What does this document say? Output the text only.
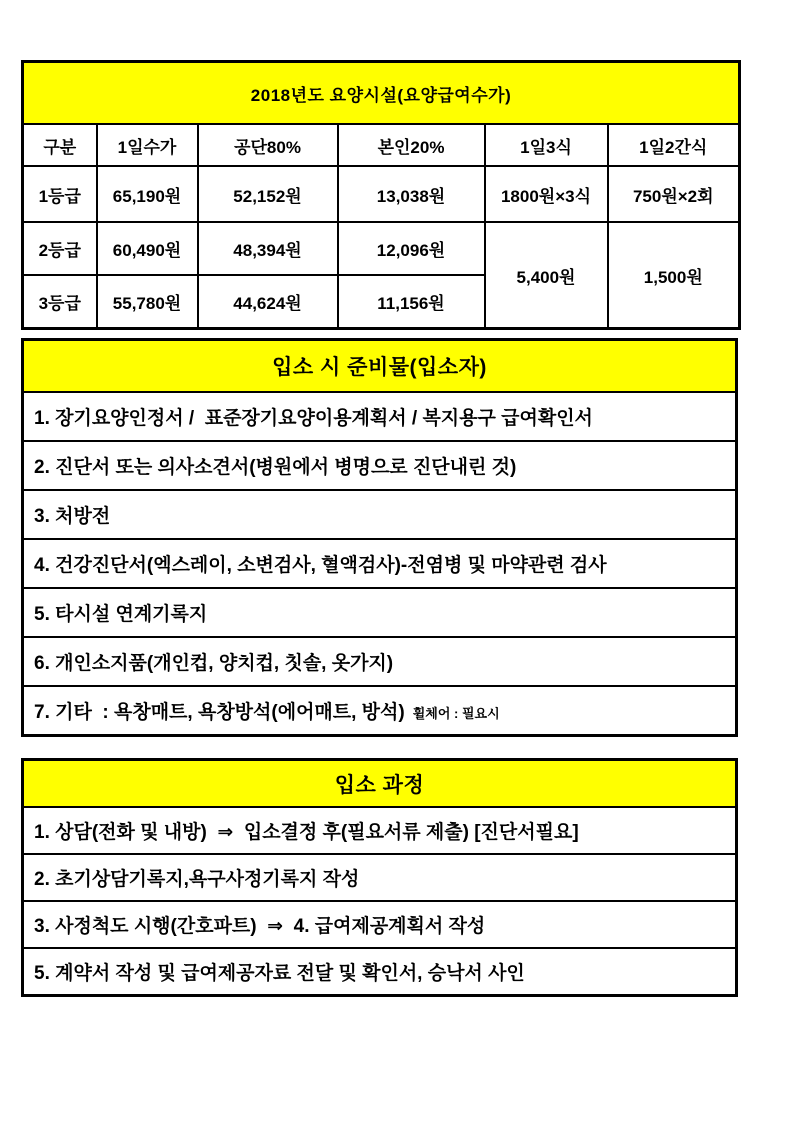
2018년도 요양시설(요양급여수가)					
구분	1일수가	공단80%	본인20%	1일3식	1일2간식
1등급	65,190원	52,152원	13,038원	1800원×3식	750원×2회
2등급	60,490원	48,394원	12,096원	5,400원	1,500원
3등급	55,780원	44,624원	11,156원		
입소 시 준비물(입소자)
1. 장기요양인정서 /  표준장기요양이용계획서 / 복지용구 급여확인서
2. 진단서 또는 의사소견서(병원에서 병명으로 진단내린 것)
3. 처방전
4. 건강진단서(엑스레이, 소변검사, 혈액검사)-전염병 및 마약관련 검사
5. 타시설 연계기록지
6. 개인소지품(개인컵, 양치컵, 칫솔, 옷가지)
7. 기타  : 욕창매트, 욕창방석(에어매트, 방석) 휠체어 : 필요시
입소 과정
1. 상담(전화 및 내방)  ⇒  입소결정 후(필요서류 제출) [진단서필요]
2. 초기상담기록지,욕구사정기록지 작성
3. 사정척도 시행(간호파트)  ⇒  4. 급여제공계획서 작성
5. 계약서 작성 및 급여제공자료 전달 및 확인서, 승낙서 사인
